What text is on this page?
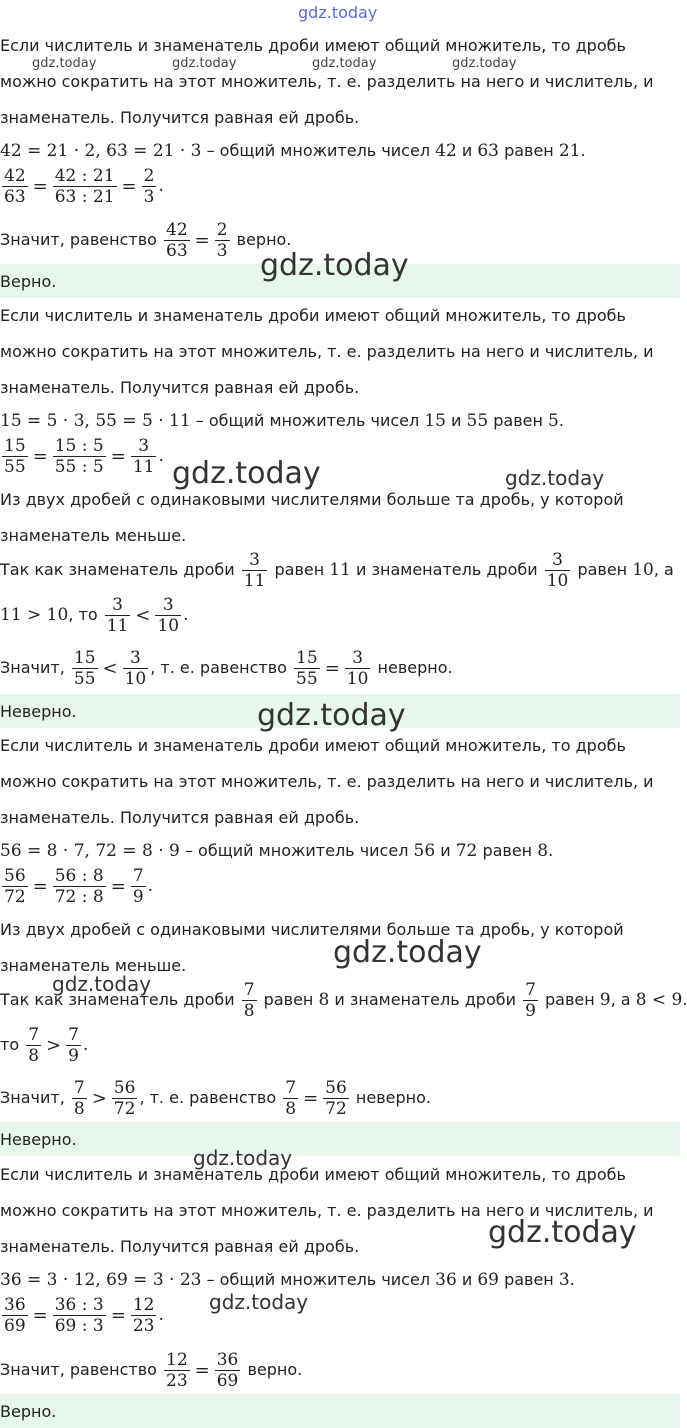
gdz.today
Если числитель и знаменатель дроби имеют общий множитель, то дробь
gdz.today	gdz.today	gdz.today	gdz.today
можно сократить на этот множитель, т. е. разделить на него и числитель, и
знаменатель. Получится равная ей дробь.
42 = 21 · 2, 63 = 21 · 3 – общий множитель чисел 42 и 63 равен 21.
$\frac{42}{63} = \frac{42 : 21}{63 : 21} = \frac{2}{3}$ .
Значит, равенство $\frac{42}{63} = \frac{2}{3}$ верно.
Верно.	gdz.today
Если числитель и знаменатель дроби имеют общий множитель, то дробь
можно сократить на этот множитель, т. е. разделить на него и числитель, и
знаменатель. Получится равная ей дробь.
15 = 5 · 3, 55 = 5 · 11 – общий множитель чисел 15 и 55 равен 5.
$\frac{15}{55} = \frac{15 : 5}{55 : 5} = \frac{3}{11}$ . gdz.today	gdz.today
Из двух дробей с одинаковыми числителями больше та дробь, у которой
знаменатель меньше.
Так как знаменатель дроби $\frac{3}{11}$ равен 11 и знаменатель дроби $\frac{3}{10}$ равен 10, а
11 > 10, то $\frac{3}{11} < \frac{3}{10}$ .
Значит, $\frac{15}{55} < \frac{3}{10}$ , т. е. равенство $\frac{15}{55} = \frac{3}{10}$ неверно.
Неверно.	gdz.today
Если числитель и знаменатель дроби имеют общий множитель, то дробь
можно сократить на этот множитель, т. е. разделить на него и числитель, и
знаменатель. Получится равная ей дробь.
56 = 8 · 7, 72 = 8 · 9 – общий множитель чисел 56 и 72 равен 8.
$\frac{56}{72} = \frac{56 : 8}{72 : 8} = \frac{7}{9}$ .
Из двух дробей с одинаковыми числителями больше та дробь, у которой
знаменатель меньше.	gdz.today
gdz.today
Так как знаменатель дроби $\frac{7}{8}$ равен 8 и знаменатель дроби $\frac{7}{9}$ равен 9, а 8 < 9.
то $\frac{7}{8} > \frac{7}{9}$ .
Значит, $\frac{7}{8} > \frac{56}{72}$ , т. е. равенство $\frac{7}{8} = \frac{56}{72}$ неверно.
Неверно.
gdz.today
Если числитель и знаменатель дроби имеют общий множитель, то дробь
можно сократить на этот множитель, т. е. разделить на него и числитель, и
знаменатель. Получится равная ей дробь.	gdz.today
36 = 3 · 12, 69 = 3 · 23 – общий множитель чисел 36 и 69 равен 3.
$\frac{36}{69} = \frac{36 : 3}{69 : 3} = \frac{12}{23}$ .
gdz.today
Значит, равенство $\frac{12}{23} = \frac{36}{69}$ верно.
Верно.
